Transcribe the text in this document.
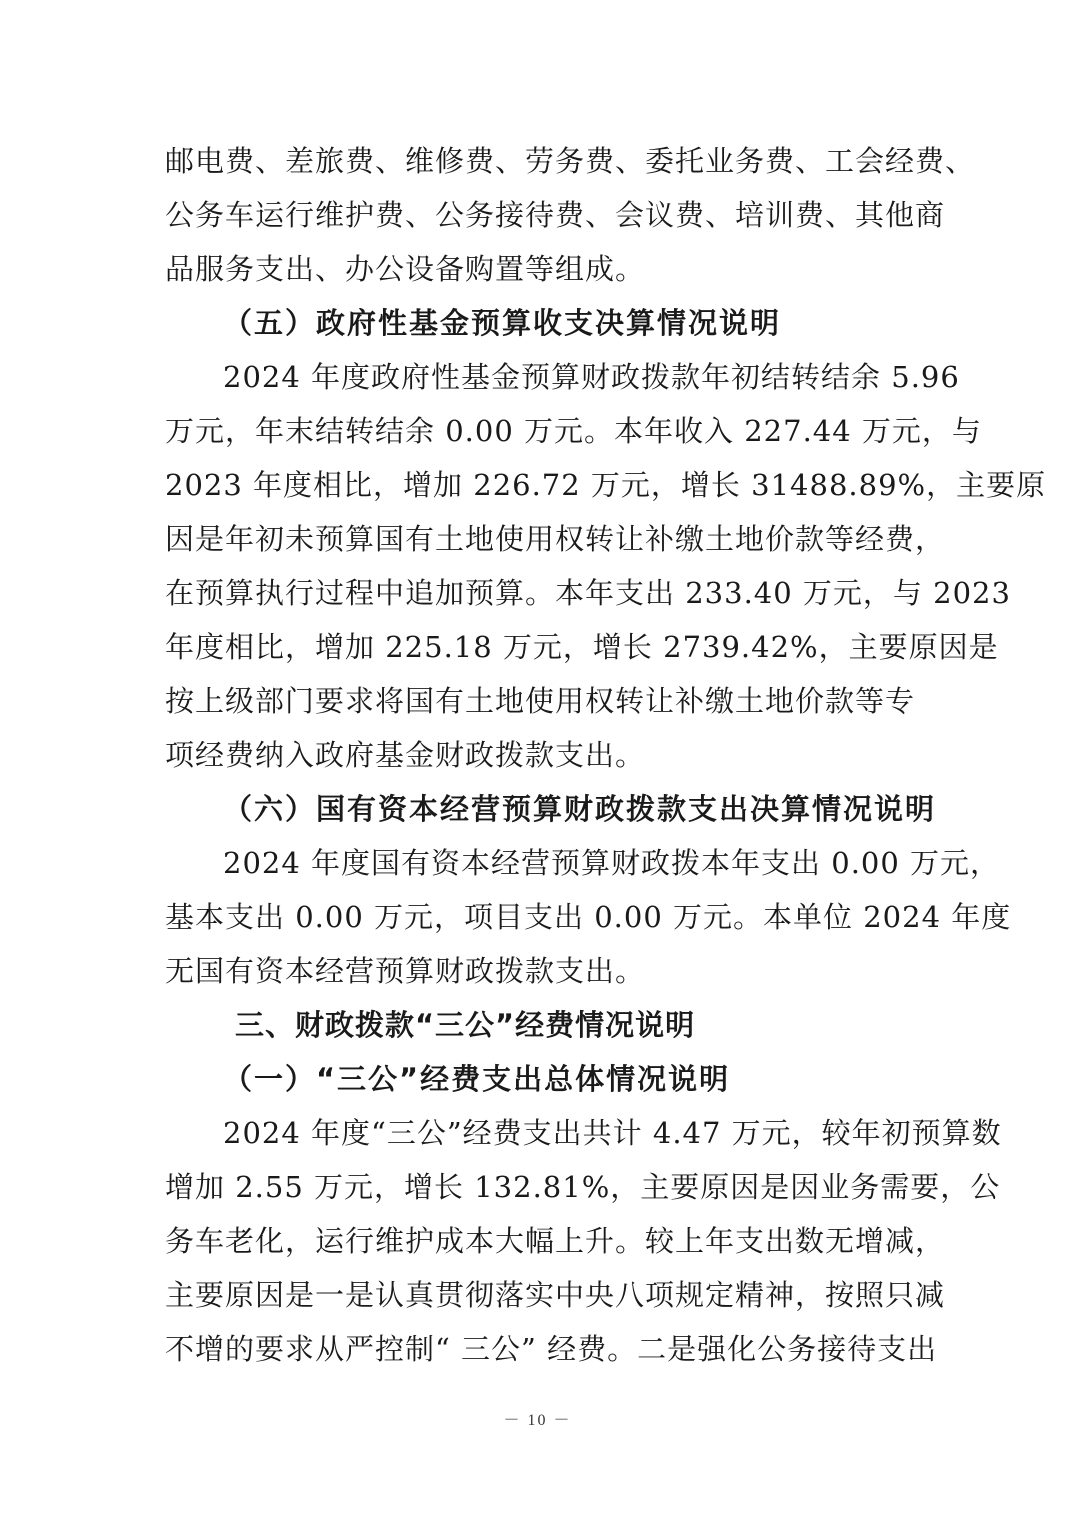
邮电费、差旅费、维修费、劳务费、委托业务费、工会经费、
公务车运行维护费、公务接待费、会议费、培训费、其他商
品服务支出、办公设备购置等组成。
（五）政府性基金预算收支决算情况说明
2024 年度政府性基金预算财政拨款年初结转结余 5.96
万元，年末结转结余 0.00 万元。本年收入 227.44 万元，与
2023 年度相比，增加 226.72 万元，增长 31488.89%，主要原
因是年初未预算国有土地使用权转让补缴土地价款等经费，
在预算执行过程中追加预算。本年支出 233.40 万元，与 2023
年度相比，增加 225.18 万元，增长 2739.42%，主要原因是
按上级部门要求将国有土地使用权转让补缴土地价款等专
项经费纳入政府基金财政拨款支出。
（六）国有资本经营预算财政拨款支出决算情况说明
2024 年度国有资本经营预算财政拨本年支出 0.00 万元，
基本支出 0.00 万元，项目支出 0.00 万元。本单位 2024 年度
无国有资本经营预算财政拨款支出。
三、财政拨款“三公”经费情况说明
（一）“三公”经费支出总体情况说明
2024 年度“三公”经费支出共计 4.47 万元，较年初预算数
增加 2.55 万元，增长 132.81%，主要原因是因业务需要，公
务车老化，运行维护成本大幅上升。较上年支出数无增减，
主要原因是一是认真贯彻落实中央八项规定精神，按照只减
不增的要求从严控制“ 三公” 经费。二是强化公务接待支出
－ 10 －
